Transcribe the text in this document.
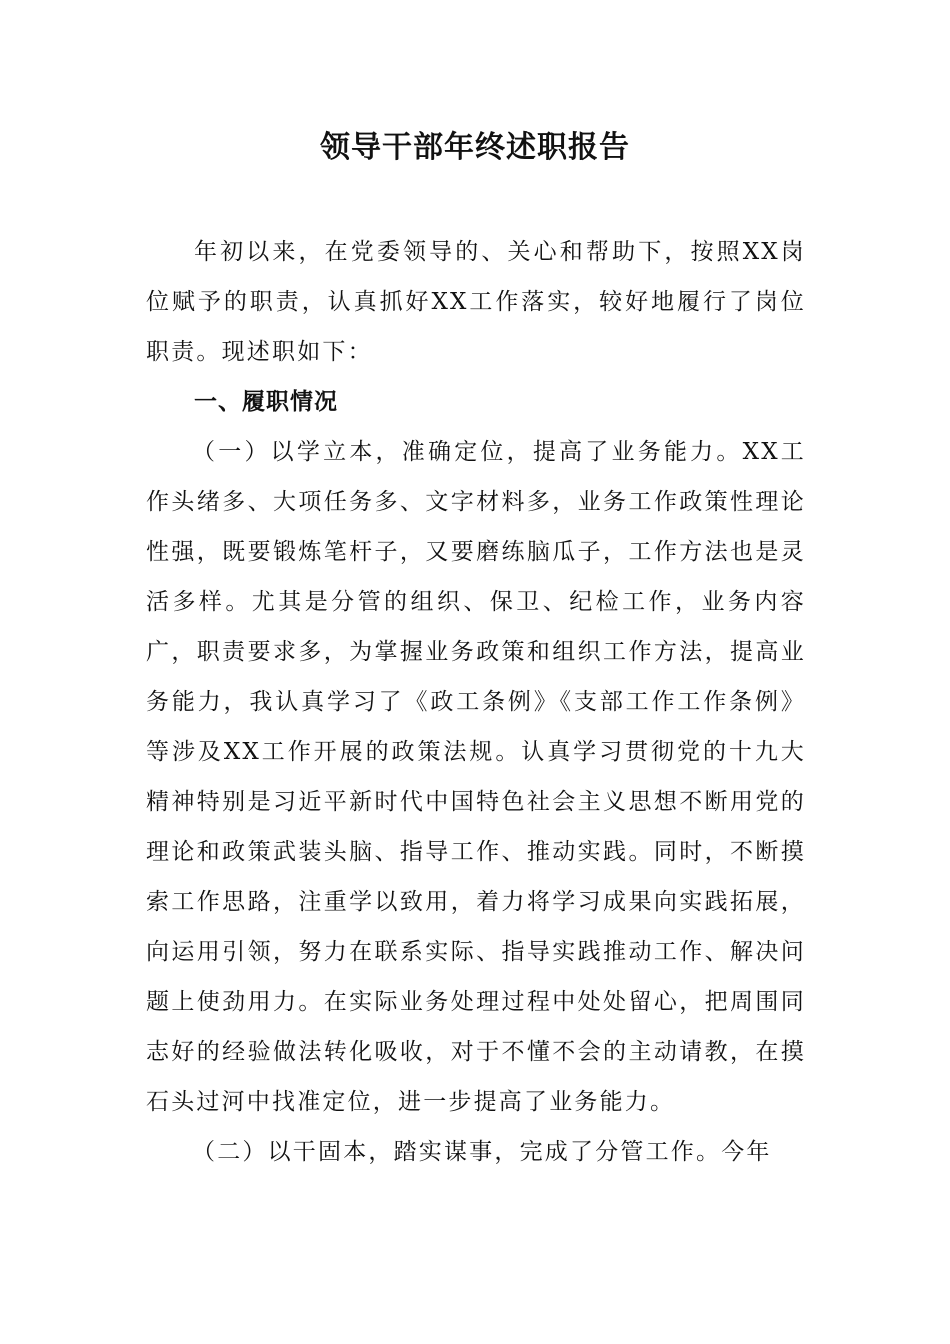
领导干部年终述职报告

年初以来，在党委领导的、关心和帮助下，按照XX岗位赋予的职责，认真抓好XX工作落实，较好地履行了岗位职责。现述职如下：

一、履职情况

（一）以学立本，准确定位，提高了业务能力。XX工作头绪多、大项任务多、文字材料多，业务工作政策性理论性强，既要锻炼笔杆子，又要磨练脑瓜子，工作方法也是灵活多样。尤其是分管的组织、保卫、纪检工作，业务内容广，职责要求多，为掌握业务政策和组织工作方法，提高业务能力，我认真学习了《政工条例》《支部工作工作条例》等涉及XX工作开展的政策法规。认真学习贯彻党的十九大精神特别是习近平新时代中国特色社会主义思想不断用党的理论和政策武装头脑、指导工作、推动实践。同时，不断摸索工作思路，注重学以致用，着力将学习成果向实践拓展，向运用引领，努力在联系实际、指导实践推动工作、解决问题上使劲用力。在实际业务处理过程中处处留心，把周围同志好的经验做法转化吸收，对于不懂不会的主动请教，在摸石头过河中找准定位，进一步提高了业务能力。

（二）以干固本，踏实谋事，完成了分管工作。今年
